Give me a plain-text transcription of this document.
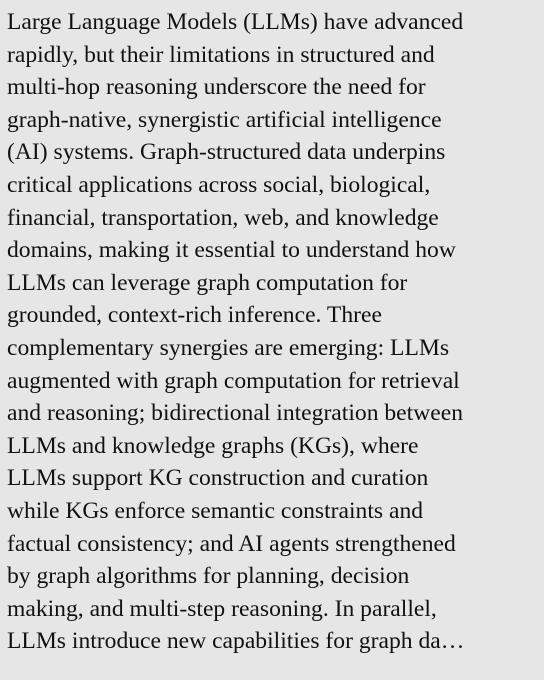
Large Language Models (LLMs) have advanced
rapidly, but their limitations in structured and
multi-hop reasoning underscore the need for
graph-native, synergistic artificial intelligence
(AI) systems. Graph-structured data underpins
critical applications across social, biological,
financial, transportation, web, and knowledge
domains, making it essential to understand how
LLMs can leverage graph computation for
grounded, context-rich inference. Three
complementary synergies are emerging: LLMs
augmented with graph computation for retrieval
and reasoning; bidirectional integration between
LLMs and knowledge graphs (KGs), where
LLMs support KG construction and curation
while KGs enforce semantic constraints and
factual consistency; and AI agents strengthened
by graph algorithms for planning, decision
making, and multi-step reasoning. In parallel,
LLMs introduce new capabilities for graph da…
